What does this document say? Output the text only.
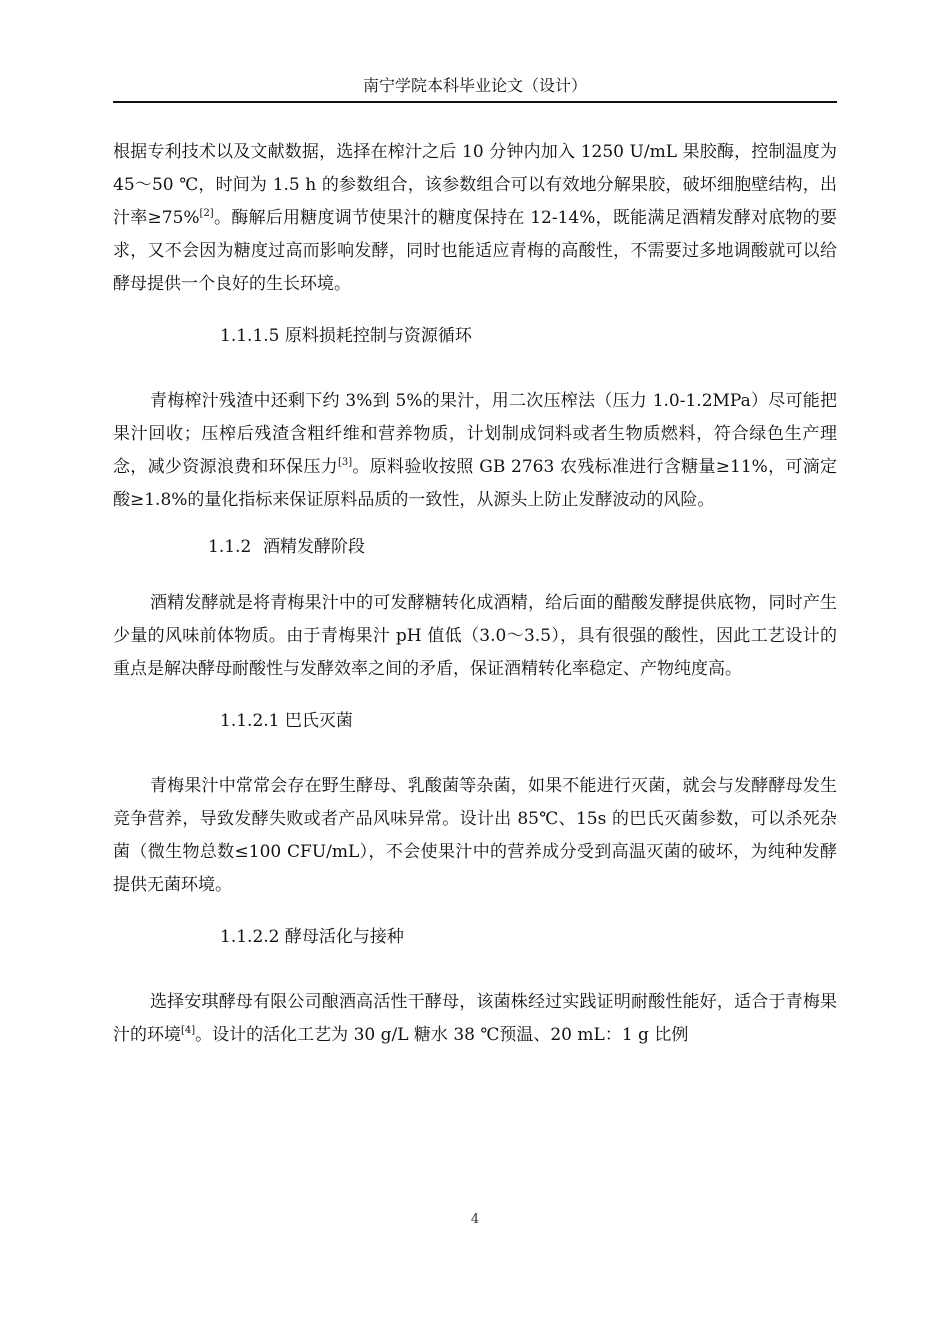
南宁学院本科毕业论文（设计）

根据专利技术以及文献数据，选择在榨汁之后 10 分钟内加入 1250 U/mL 果胶酶，控制温度为 45～50 ℃，时间为 1.5 h 的参数组合，该参数组合可以有效地分解果胶，破坏细胞壁结构，出汁率≥75%[2]。酶解后用糖度调节使果汁的糖度保持在 12-14%，既能满足酒精发酵对底物的要求，又不会因为糖度过高而影响发酵，同时也能适应青梅的高酸性，不需要过多地调酸就可以给酵母提供一个良好的生长环境。

1.1.1.5 原料损耗控制与资源循环

青梅榨汁残渣中还剩下约 3%到 5%的果汁，用二次压榨法（压力 1.0-1.2MPa）尽可能把果汁回收；压榨后残渣含粗纤维和营养物质，计划制成饲料或者生物质燃料，符合绿色生产理念，减少资源浪费和环保压力[3]。原料验收按照 GB 2763 农残标准进行含糖量≥11%，可滴定酸≥1.8%的量化指标来保证原料品质的一致性，从源头上防止发酵波动的风险。

1.1.2 酒精发酵阶段

酒精发酵就是将青梅果汁中的可发酵糖转化成酒精，给后面的醋酸发酵提供底物，同时产生少量的风味前体物质。由于青梅果汁 pH 值低（3.0～3.5），具有很强的酸性，因此工艺设计的重点是解决酵母耐酸性与发酵效率之间的矛盾，保证酒精转化率稳定、产物纯度高。

1.1.2.1 巴氏灭菌

青梅果汁中常常会存在野生酵母、乳酸菌等杂菌，如果不能进行灭菌，就会与发酵酵母发生竞争营养，导致发酵失败或者产品风味异常。设计出 85℃、15s 的巴氏灭菌参数，可以杀死杂菌（微生物总数≤100 CFU/mL），不会使果汁中的营养成分受到高温灭菌的破坏，为纯种发酵提供无菌环境。

1.1.2.2 酵母活化与接种

选择安琪酵母有限公司酿酒高活性干酵母，该菌株经过实践证明耐酸性能好，适合于青梅果汁的环境[4]。设计的活化工艺为 30 g/L 糖水 38 ℃预温、20 mL：1 g 比例

4
